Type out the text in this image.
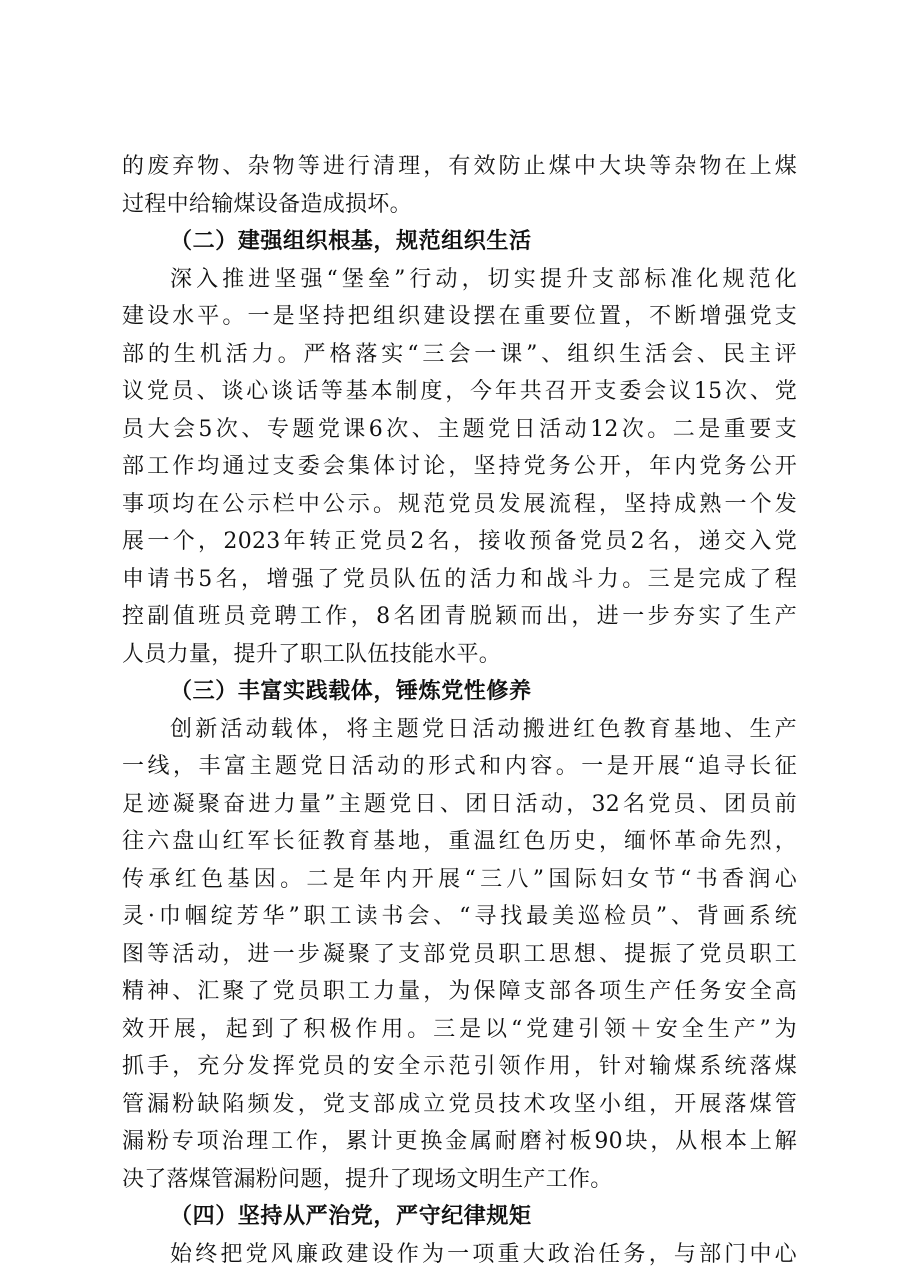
的废弃物、杂物等进行清理，有效防止煤中大块等杂物在上煤
过程中给输煤设备造成损坏。
（二）建强组织根基，规范组织生活
深入推进坚强“堡垒”行动，切实提升支部标准化规范化
建设水平。一是坚持把组织建设摆在重要位置，不断增强党支
部的生机活力。严格落实“三会一课”、组织生活会、民主评
议党员、谈心谈话等基本制度，今年共召开支委会议15次、党
员大会5次、专题党课6次、主题党日活动12次。二是重要支
部工作均通过支委会集体讨论，坚持党务公开，年内党务公开
事项均在公示栏中公示。规范党员发展流程，坚持成熟一个发
展一个，2023年转正党员2名，接收预备党员2名，递交入党
申请书5名，增强了党员队伍的活力和战斗力。三是完成了程
控副值班员竞聘工作，8名团青脱颖而出，进一步夯实了生产
人员力量，提升了职工队伍技能水平。
（三）丰富实践载体，锤炼党性修养
创新活动载体，将主题党日活动搬进红色教育基地、生产
一线，丰富主题党日活动的形式和内容。一是开展“追寻长征
足迹凝聚奋进力量”主题党日、团日活动，32名党员、团员前
往六盘山红军长征教育基地，重温红色历史，缅怀革命先烈，
传承红色基因。二是年内开展“三八”国际妇女节“书香润心
灵·巾帼绽芳华”职工读书会、“寻找最美巡检员”、背画系统
图等活动，进一步凝聚了支部党员职工思想、提振了党员职工
精神、汇聚了党员职工力量，为保障支部各项生产任务安全高
效开展，起到了积极作用。三是以“党建引领＋安全生产”为
抓手，充分发挥党员的安全示范引领作用，针对输煤系统落煤
管漏粉缺陷频发，党支部成立党员技术攻坚小组，开展落煤管
漏粉专项治理工作，累计更换金属耐磨衬板90块，从根本上解
决了落煤管漏粉问题，提升了现场文明生产工作。
（四）坚持从严治党，严守纪律规矩
始终把党风廉政建设作为一项重大政治任务，与部门中心
